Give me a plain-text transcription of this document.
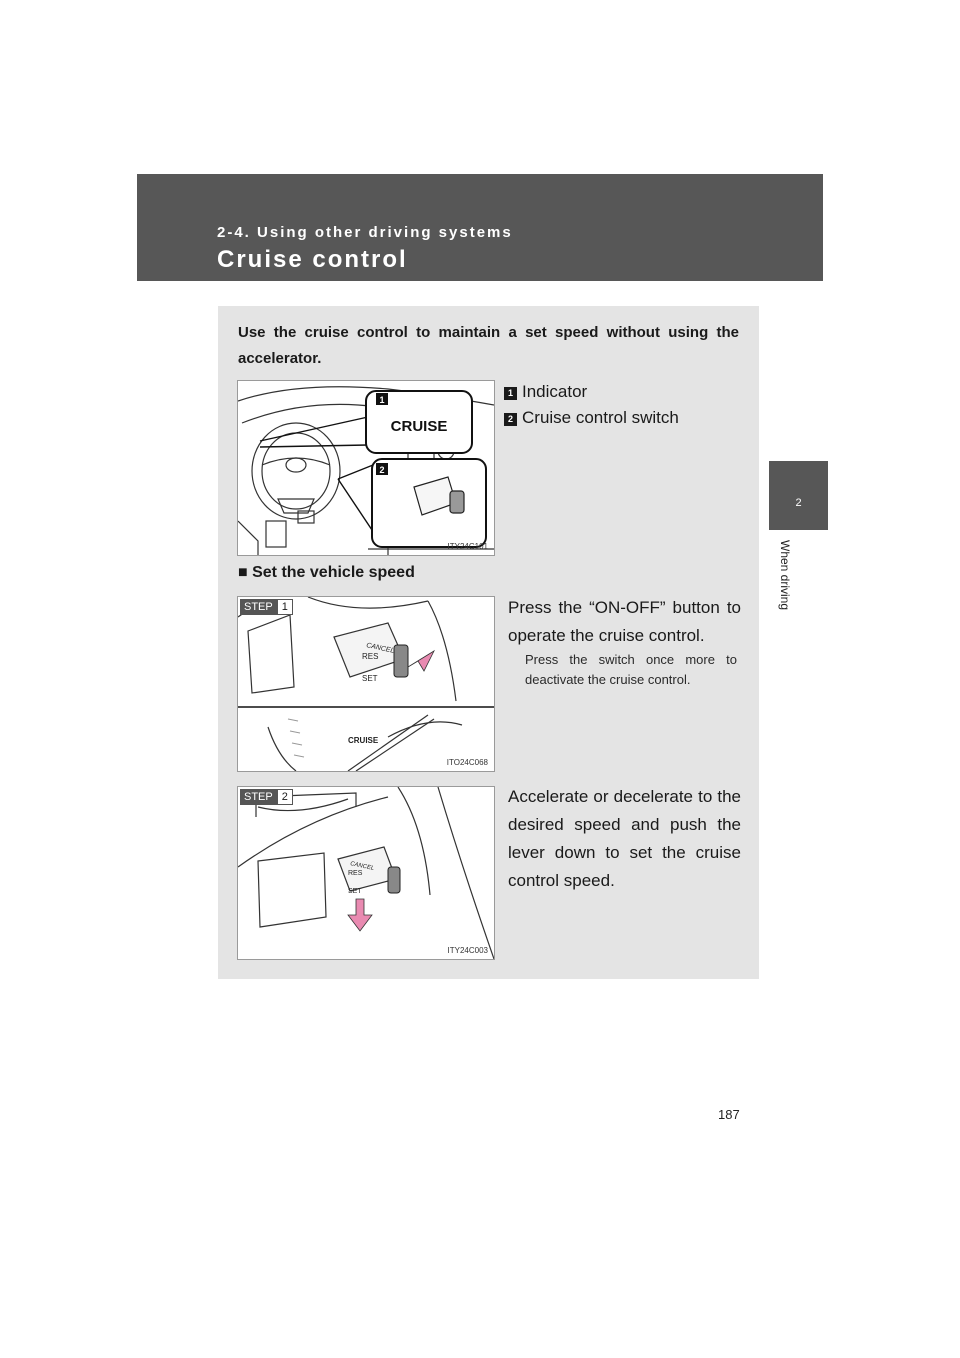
2-4. Using other driving systems
Cruise control
2
When driving
Use the cruise control to maintain a set speed without using the accelerator.
CRUISE
1
2
ITY24C101
1 Indicator
2 Cruise control switch
■ Set the vehicle speed
CANCEL
RES
SET
CRUISE
STEP 1
ITO24C068
Press the “ON-OFF” button to operate the cruise control.
Press the switch once more to deactivate the cruise control.
CANCEL
RES
SET
STEP 2
ITY24C003
Accelerate or decelerate to the desired speed and push the lever down to set the cruise control speed.
187
